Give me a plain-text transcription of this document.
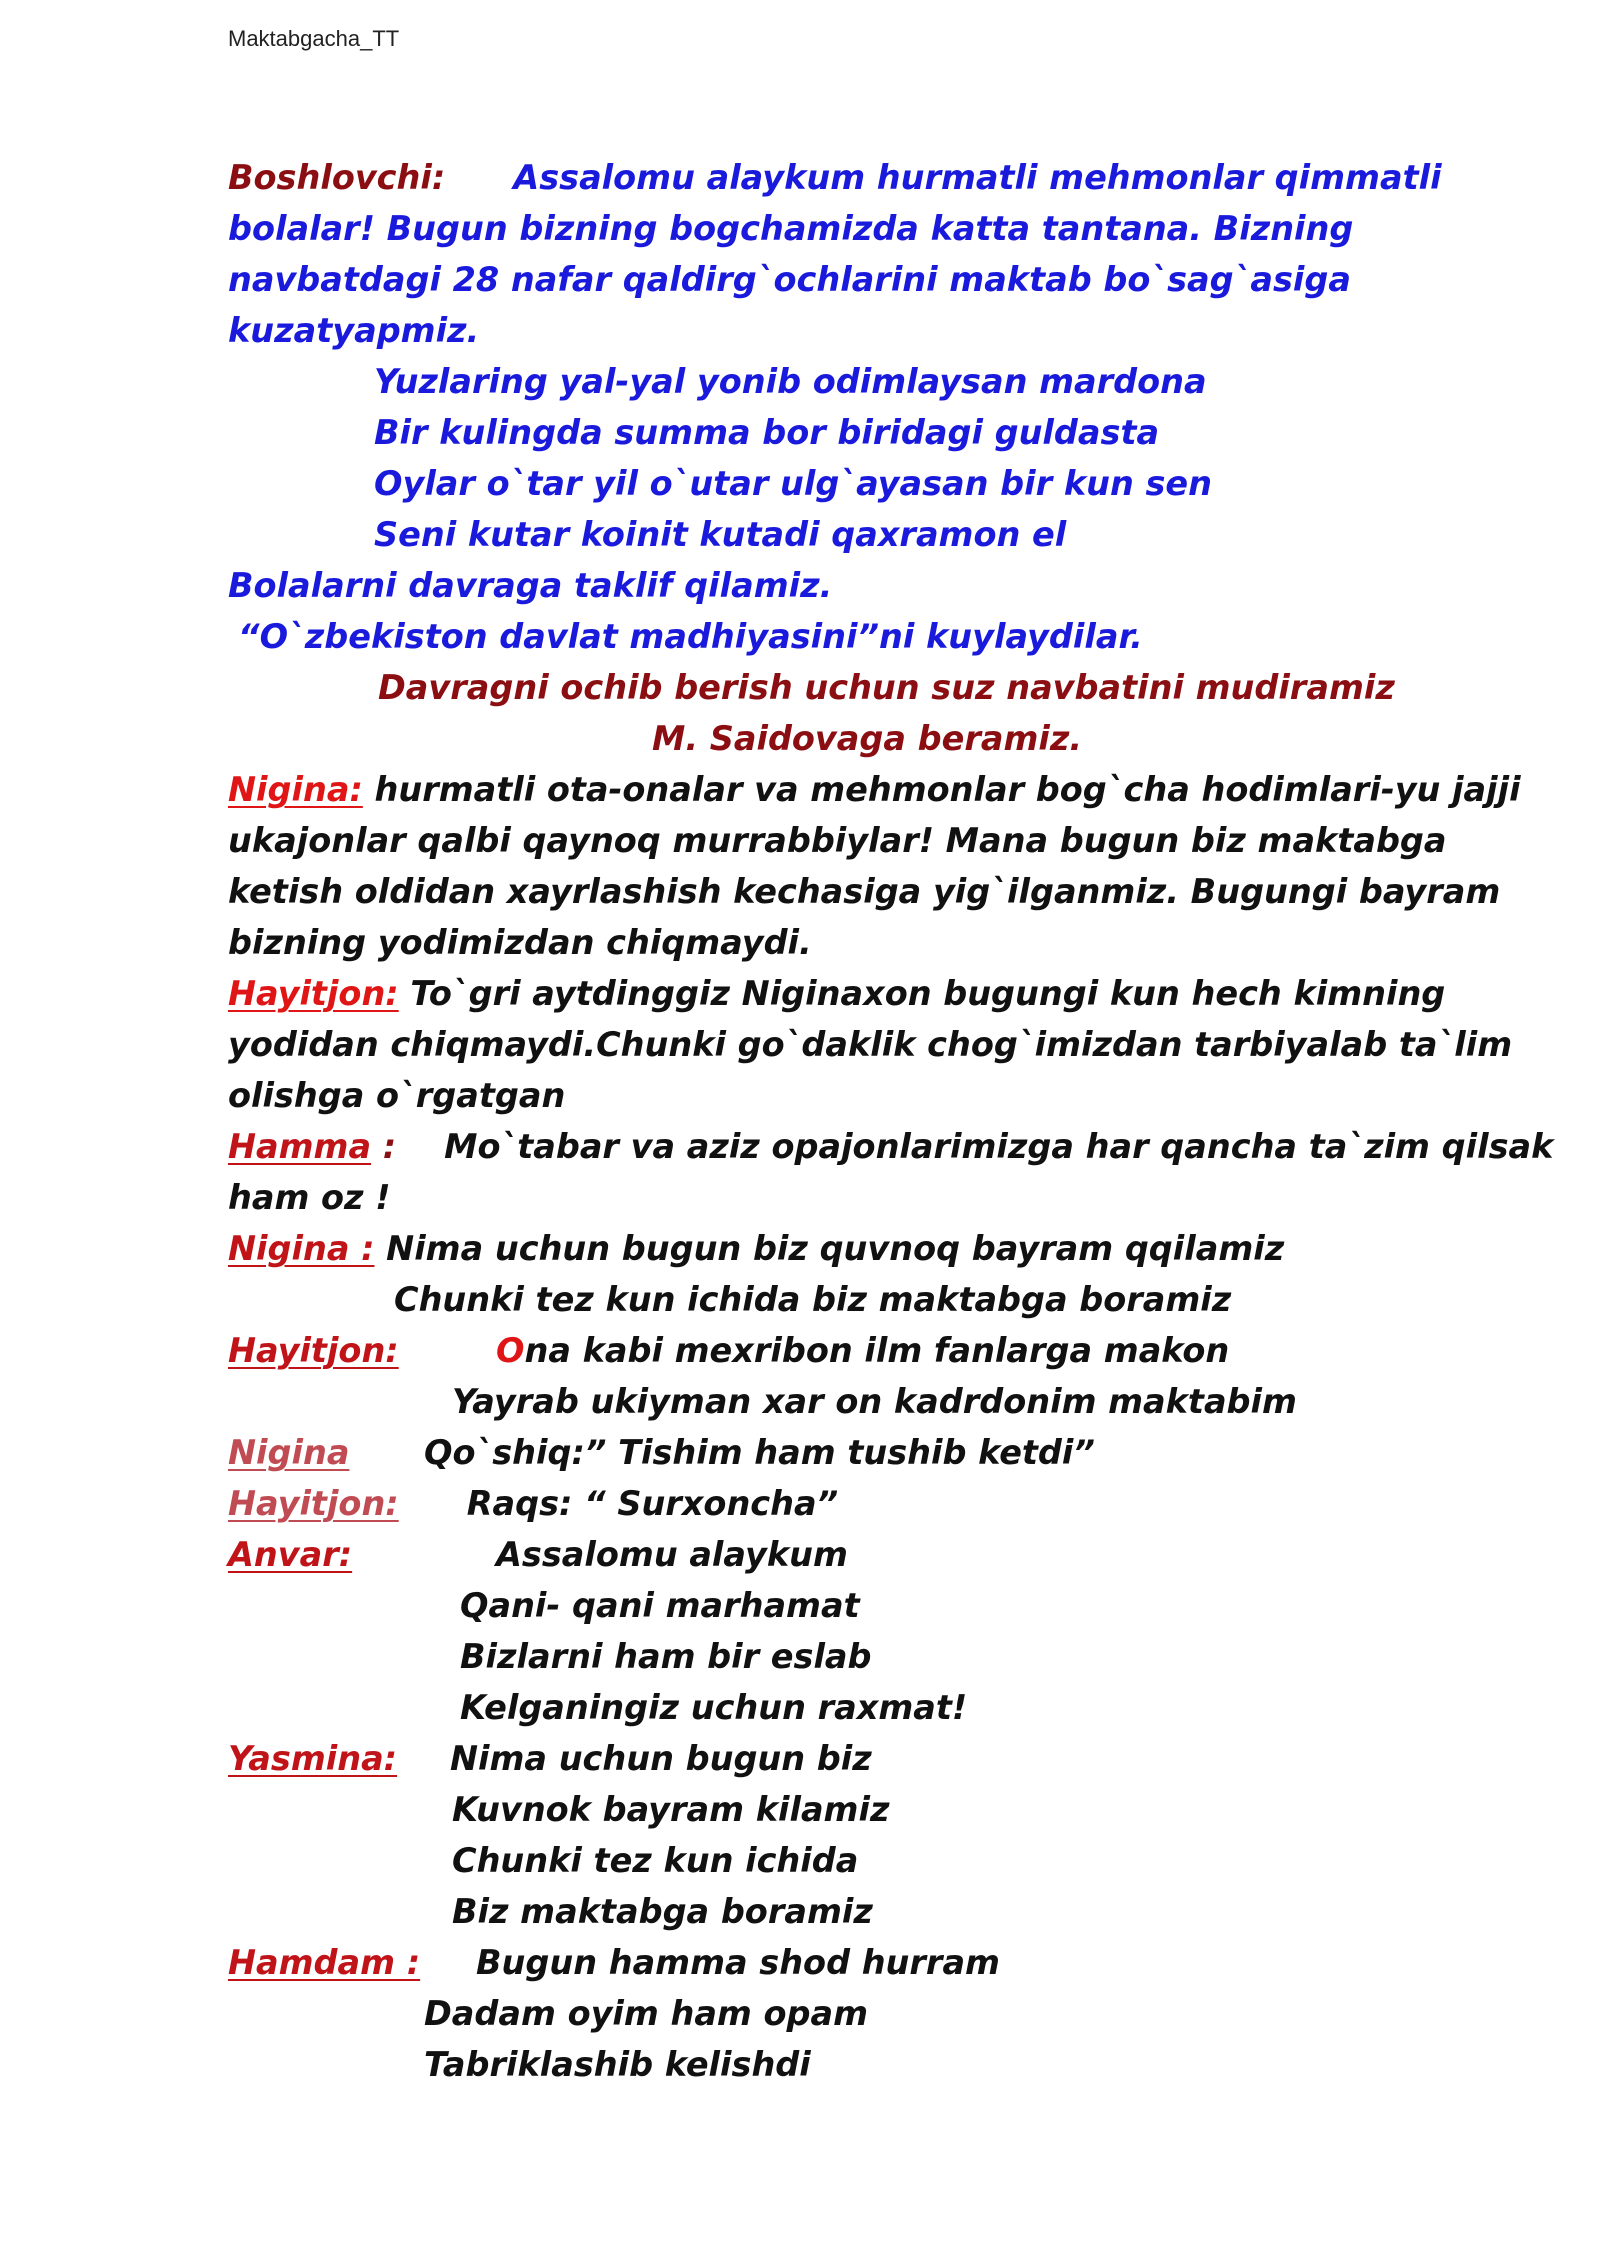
Maktabgacha_TT
Boshlovchi: Assalomu alaykum hurmatli mehmonlar qimmatli
bolalar! Bugun bizning bogchamizda katta tantana. Bizning
navbatdagi 28 nafar qaldirg`ochlarini maktab bo`sag`asiga
kuzatyapmiz.
Yuzlaring yal-yal yonib odimlaysan mardona
Bir kulingda summa bor biridagi guldasta
Oylar o`tar yil o`utar ulg`ayasan bir kun sen
Seni kutar koinit kutadi qaxramon el
Bolalarni davraga taklif qilamiz.
“O`zbekiston davlat madhiyasini”ni kuylaydilar.
Davragni ochib berish uchun suz navbatini mudiramiz
M. Saidovaga beramiz.
Nigina: hurmatli ota-onalar va mehmonlar bog`cha hodimlari-yu jajji
ukajonlar qalbi qaynoq murrabbiylar! Mana bugun biz maktabga
ketish oldidan xayrlashish kechasiga yig`ilganmiz. Bugungi bayram
bizning yodimizdan chiqmaydi.
Hayitjon: To`gri aytdinggiz Niginaxon bugungi kun hech kimning
yodidan chiqmaydi.Chunki go`daklik chog`imizdan tarbiyalab ta`lim
olishga o`rgatgan
Hamma : Mo`tabar va aziz opajonlarimizga har qancha ta`zim qilsak
ham oz !
Nigina : Nima uchun bugun biz quvnoq bayram qqilamiz
Chunki tez kun ichida biz maktabga boramiz
Hayitjon:	Ona kabi mexribon ilm fanlarga makon
Yayrab ukiyman xar on kadrdonim maktabim
Nigina Qo`shiq:” Tishim ham tushib ketdi”
Hayitjon: Raqs: “ Surxoncha”
Anvar:	Assalomu alaykum
Qani- qani marhamat
Bizlarni ham bir eslab
Kelganingiz uchun raxmat!
Yasmina: Nima uchun bugun biz
Kuvnok bayram kilamiz
Chunki tez kun ichida
Biz maktabga boramiz
Hamdam : Bugun hamma shod hurram
Dadam oyim ham opam
Tabriklashib kelishdi
